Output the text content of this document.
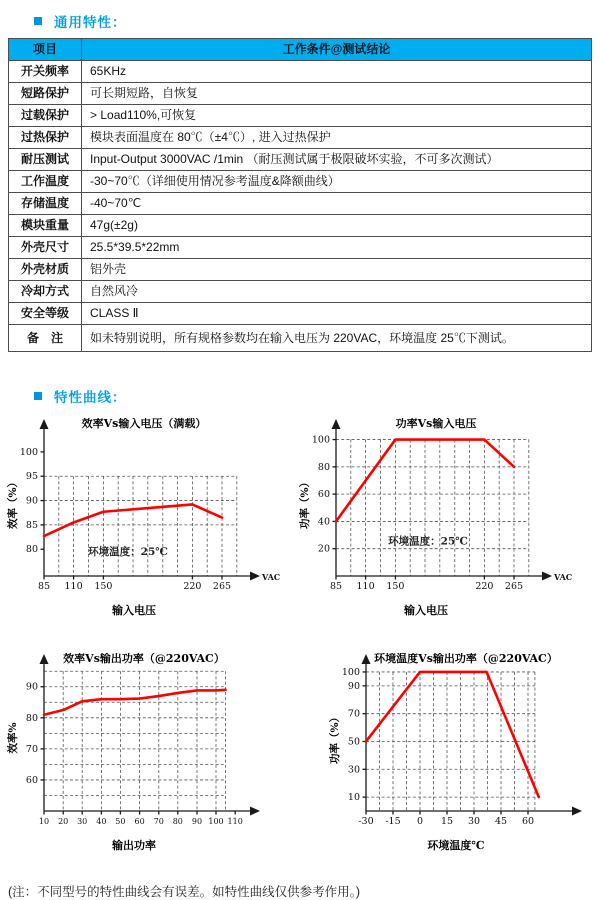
通用特性：
项目	工作条件@测试结论
开关频率	65KHz
短路保护	可长期短路，自恢复
过载保护	> Load110%,可恢复
过热保护	模块表面温度在 80℃（±4℃）, 进入过热保护
耐压测试	Input-Output 3000VAC /1min （耐压测试属于极限破坏实验，不可多次测试）
工作温度	-30~70℃（详细使用情况参考温度&降额曲线）
存储温度	-40~70℃
模块重量	47g(±2g)
外壳尺寸	25.5*39.5*22mm
外壳材质	铝外壳
冷却方式	自然风冷
安全等级	CLASS Ⅱ
备　注	如未特别说明，所有规格参数均在输入电压为 220VAC，环境温度 25℃下测试。
特性曲线：
80
85
90
95
100
85 110 150	220 265
VAC
环境温度：25℃
效率Vs输入电压（满载）
输入电压
效率（%）
20
40
60
80
100
85 110 150	220 265
VAC
环境温度：25℃
功率Vs输入电压
输入电压
功率（%）
60
70
80
90
10 20 30 40 50 60 70 80 90 100 110
效率Vs输出功率（@220VAC）
输出功率
效率%
10
30
50
70
90
100
-30 -15 0 15 30 45 60
环境温度Vs输出功率（@220VAC）
环境温度℃
功率（%）
(注：不同型号的特性曲线会有误差。如特性曲线仅供参考作用。)
